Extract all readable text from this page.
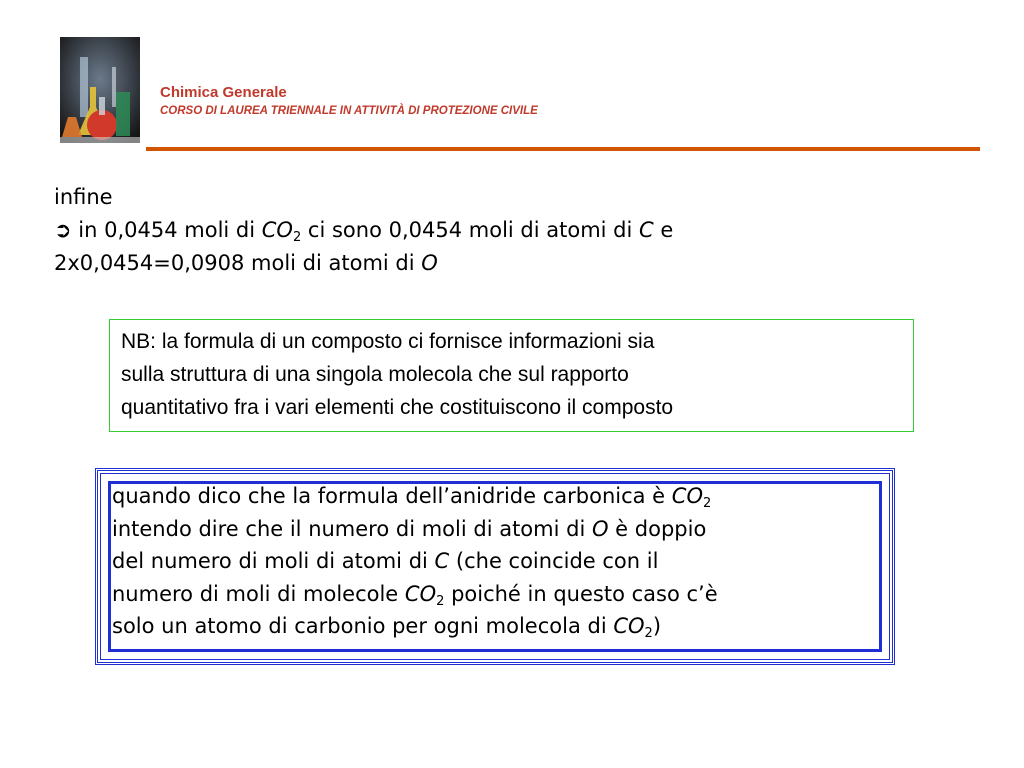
Chimica Generale
CORSO DI LAUREA TRIENNALE IN ATTIVITÀ DI PROTEZIONE CIVILE
infine
➲ in 0,0454 moli di $CO_2$ ci sono 0,0454 moli di atomi di C e
2x0,0454=0,0908 moli di atomi di O
NB: la formula di un composto ci fornisce informazioni sia
sulla struttura di una singola molecola che sul rapporto
quantitativo fra i vari elementi che costituiscono il composto
quando dico che la formula dell’anidride carbonica è $CO_2$
intendo dire che il numero di moli di atomi di O è doppio
del numero di moli di atomi di C (che coincide con il
numero di moli di molecole $CO_2$ poiché in questo caso c’è
solo un atomo di carbonio per ogni molecola di $CO_2$)
